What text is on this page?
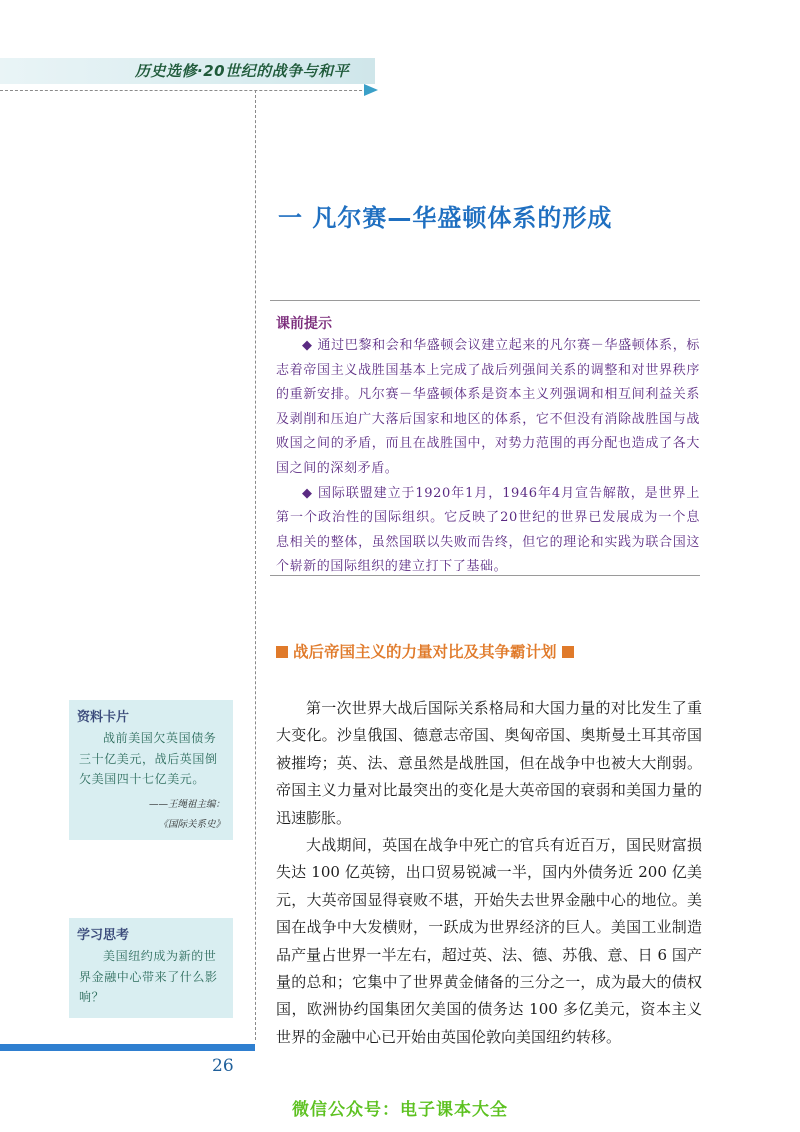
历史选修·20世纪的战争与和平
一 凡尔赛—华盛顿体系的形成
课前提示

◆ 通过巴黎和会和华盛顿会议建立起来的凡尔赛－华盛顿体系，标志着帝国主义战胜国基本上完成了战后列强间关系的调整和对世界秩序的重新安排。凡尔赛－华盛顿体系是资本主义列强调和相互间利益关系及剥削和压迫广大落后国家和地区的体系，它不但没有消除战胜国与战败国之间的矛盾，而且在战胜国中，对势力范围的再分配也造成了各大国之间的深刻矛盾。

◆ 国际联盟建立于1920年1月，1946年4月宣告解散，是世界上第一个政治性的国际组织。它反映了20世纪的世界已发展成为一个息息相关的整体，虽然国联以失败而告终，但它的理论和实践为联合国这个崭新的国际组织的建立打下了基础。

战后帝国主义的力量对比及其争霸计划

第一次世界大战后国际关系格局和大国力量的对比发生了重大变化。沙皇俄国、德意志帝国、奥匈帝国、奥斯曼土耳其帝国被摧垮；英、法、意虽然是战胜国，但在战争中也被大大削弱。帝国主义力量对比最突出的变化是大英帝国的衰弱和美国力量的迅速膨胀。

大战期间，英国在战争中死亡的官兵有近百万，国民财富损失达 100 亿英镑，出口贸易锐减一半，国内外债务近 200 亿美元，大英帝国显得衰败不堪，开始失去世界金融中心的地位。美国在战争中大发横财，一跃成为世界经济的巨人。美国工业制造品产量占世界一半左右，超过英、法、德、苏俄、意、日 6 国产量的总和；它集中了世界黄金储备的三分之一，成为最大的债权国，欧洲协约国集团欠美国的债务达 100 多亿美元，资本主义世界的金融中心已开始由英国伦敦向美国纽约转移。

资料卡片

战前美国欠英国债务三十亿美元，战后英国倒欠美国四十七亿美元。

——王绳祖主编：
《国际关系史》
学习思考

美国纽约成为新的世界金融中心带来了什么影响？

26
微信公众号：电子课本大全
